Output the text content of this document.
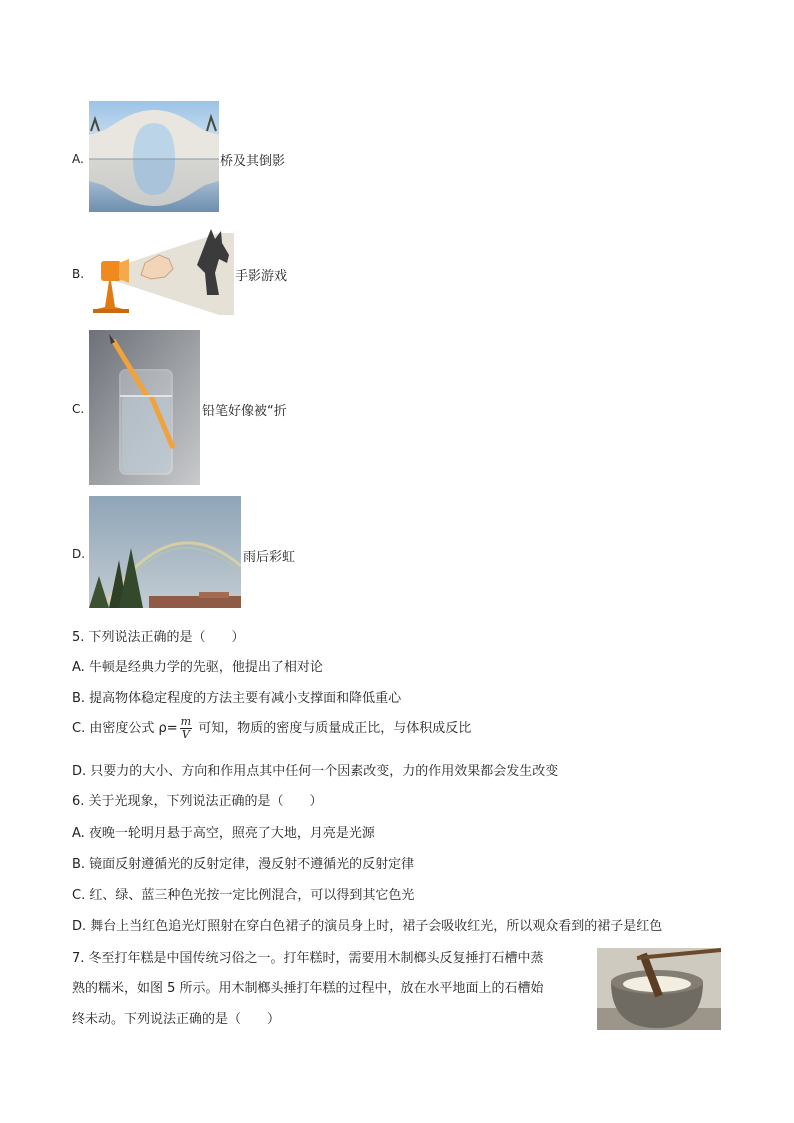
A.	桥及其倒影
B.	手影游戏
C.	铅笔好像被“折
D.	雨后彩虹
5. 下列说法正确的是（　　）
A. 牛顿是经典力学的先驱，他提出了相对论
B. 提高物体稳定程度的方法主要有减小支撑面和降低重心
C. 由密度公式 $\rho= \frac{m}{V}$ 可知，物质的密度与质量成正比，与体积成反比
D. 只要力的大小、方向和作用点其中任何一个因素改变，力的作用效果都会发生改变
6. 关于光现象，下列说法正确的是（　　）
A. 夜晚一轮明月悬于高空，照亮了大地，月亮是光源
B. 镜面反射遵循光的反射定律，漫反射不遵循光的反射定律
C. 红、绿、蓝三种色光按一定比例混合，可以得到其它色光
D. 舞台上当红色追光灯照射在穿白色裙子的演员身上时，裙子会吸收红光，所以观众看到的裙子是红色
7. 冬至打年糕是中国传统习俗之一。打年糕时，需要用木制榔头反复捶打石槽中蒸
熟的糯米，如图 5 所示。用木制榔头捶打年糕的过程中，放在水平地面上的石槽始
终未动。下列说法正确的是（　　）
